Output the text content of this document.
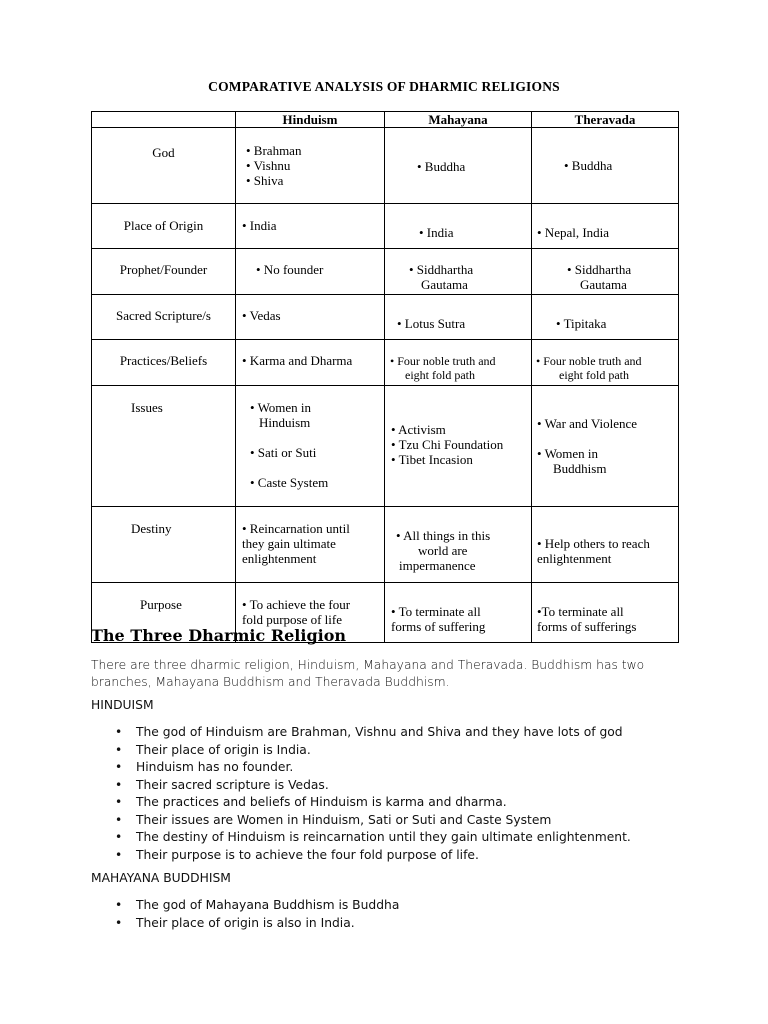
COMPARATIVE ANALYSIS OF DHARMIC RELIGIONS
	Hinduism	Mahayana	Theravada

God	• Brahman
• Vishnu
• Shiva	• Buddha	• Buddha

Place of Origin	• India	• India	• Nepal, India

Prophet/Founder	• No founder	• Siddhartha
Gautama	• Siddhartha
Gautama

Sacred Scripture/s	• Vedas	• Lotus Sutra	• Tipitaka

Practices/Beliefs	• Karma and Dharma	• Four noble truth and
eight fold path	• Four noble truth and
eight fold path

Issues	• Women in
Hinduism
• Sati or Suti
• Caste System	• Activism
• Tzu Chi Foundation
• Tibet Incasion	• War and Violence
• Women in
Buddhism

Destiny	• Reincarnation until
they gain ultimate
enlightenment	• All things in this
world are
impermanence	• Help others to reach
enlightenment

Purpose	• To achieve the four
fold purpose of life	• To terminate all
forms of suffering	•To terminate all
forms of sufferings
The Three Dharmic Religion
There are three dharmic religion, Hinduism, Mahayana and Theravada. Buddhism has two branches, Mahayana Buddhism and Theravada Buddhism.
HINDUISM
• The god of Hinduism are Brahman, Vishnu and Shiva and they have lots of god
• Their place of origin is India.
• Hinduism has no founder.
• Their sacred scripture is Vedas.
• The practices and beliefs of Hinduism is karma and dharma.
• Their issues are Women in Hinduism, Sati or Suti and Caste System
• The destiny of Hinduism is reincarnation until they gain ultimate enlightenment.
• Their purpose is to achieve the four fold purpose of life.
MAHAYANA BUDDHISM
• The god of Mahayana Buddhism is Buddha
• Their place of origin is also in India.
